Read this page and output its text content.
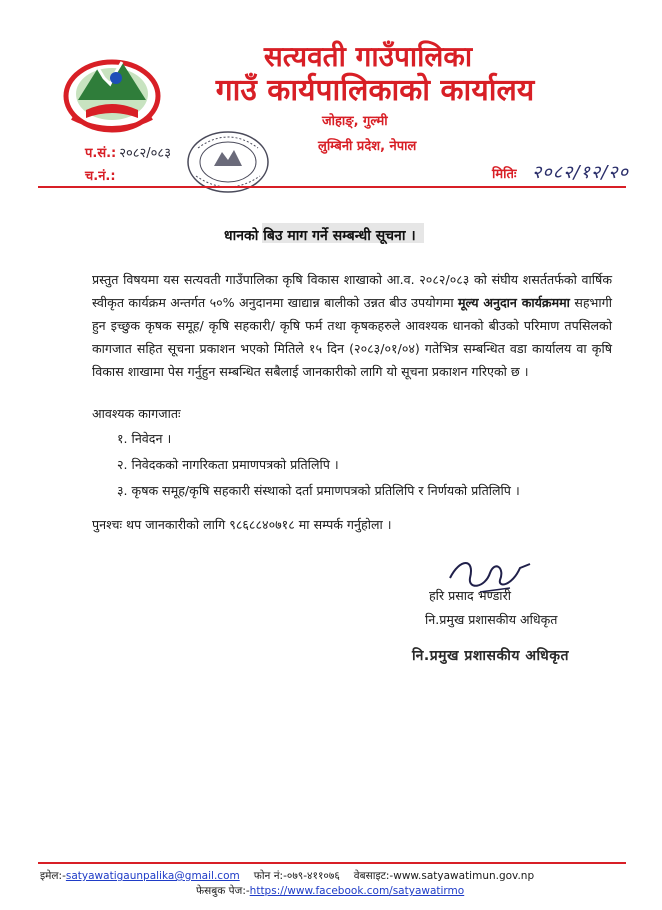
सत्यवती गाउँपालिका
गाउँ कार्यपालिकाको कार्यालय
जोहाङ्, गुल्मी
लुम्बिनी प्रदेश, नेपाल
प.सं.: २०८२/०८३
च.नं.:	मितिः २०८२/१२/२०
धानको बिउ माग गर्ने सम्बन्धी सूचना ।
प्रस्तुत विषयमा यस सत्यवती गाउँपालिका कृषि विकास शाखाको आ.व. २०८२/०८३ को संघीय शसर्ततर्फको वार्षिक स्वीकृत कार्यक्रम अन्तर्गत ५०% अनुदानमा खाद्यान्न बालीको उन्नत बीउ उपयोगमा मूल्य अनुदान कार्यक्रममा सहभागी हुन इच्छुक कृषक समूह/ कृषि सहकारी/ कृषि फर्म तथा कृषकहरुले आवश्यक धानको बीउको परिमाण तपसिलको कागजात सहित सूचना प्रकाशन भएको मितिले १५ दिन (२०८३/०१/०४) गतेभित्र सम्बन्धित वडा कार्यालय वा कृषि विकास शाखामा पेस गर्नुहुन सम्बन्धित सबैलाई जानकारीको लागि यो सूचना प्रकाशन गरिएको छ ।
आवश्यक कागजातः
१. निवेदन ।
२. निवेदकको नागरिकता प्रमाणपत्रको प्रतिलिपि ।
३. कृषक समूह/कृषि सहकारी संस्थाको दर्ता प्रमाणपत्रको प्रतिलिपि र निर्णयको प्रतिलिपि ।
पुनश्चः थप जानकारीको लागि ९८६८८४०७१८ मा सम्पर्क गर्नुहोला ।
हरि प्रसाद भण्डारी
नि.प्रमुख प्रशासकीय अधिकृत
नि.प्रमुख प्रशासकीय अधिकृत
इमेल:-satyawatigaunpalika@gmail.com फोन नं:-०७९-४११०७६ वेबसाइट:-www.satyawatimun.gov.np
फेसबुक पेज:-https://www.facebook.com/satyawatirmo
